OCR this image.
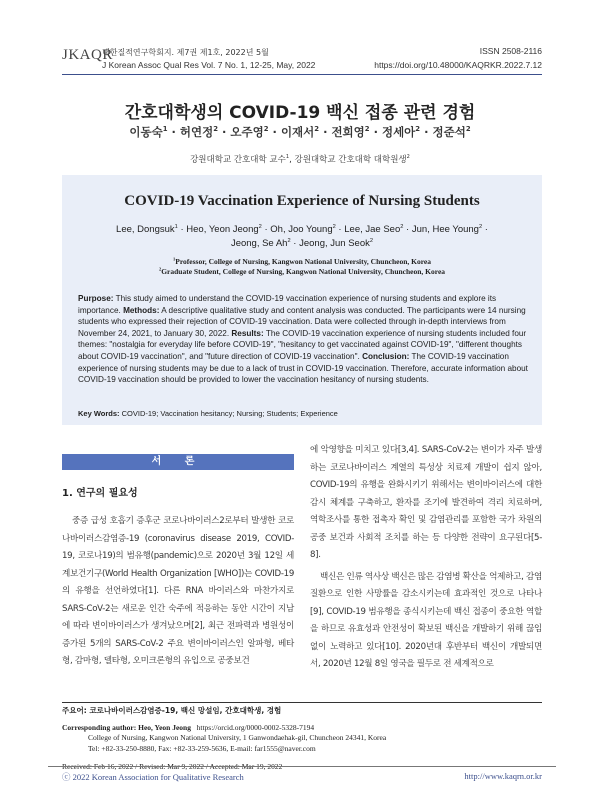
JKAQR
대한질적연구학회지. 제7권 제1호, 2022년 5월
J Korean Assoc Qual Res Vol. 7 No. 1, 12-25, May, 2022
ISSN 2508-2116
https://doi.org/10.48000/KAQRKR.2022.7.12
간호대학생의 COVID-19 백신 접종 관련 경험
이동숙$^1$ · 허연정$^2$ · 오주영$^2$ · 이재서$^2$ · 전희영$^2$ · 정세아$^2$ · 정준석$^2$
강원대학교 간호대학 교수$^1$, 강원대학교 간호대학 대학원생$^2$
COVID-19 Vaccination Experience of Nursing Students
Lee, Dongsuk$^1$ · Heo, Yeon Jeong$^2$ · Oh, Joo Young$^2$ · Lee, Jae Seo$^2$ · Jun, Hee Young$^2$ ·
Jeong, Se $Ah^2$ · Jeong, Jun Seok$^2$
$^1$Professor, College of Nursing, Kangwon National University, Chuncheon, Korea
$^2$Graduate Student, College of Nursing, Kangwon National University, Chuncheon, Korea
Purpose: This study aimed to understand the COVID-19 vaccination experience of nursing students and explore its importance. Methods: A descriptive qualitative study and content analysis was conducted. The participants were 14 nursing students who expressed their rejection of COVID-19 vaccination. Data were collected through in-depth interviews from November 24, 2021, to January 30, 2022. Results: The COVID-19 vaccination experience of nursing students included four themes: "nostalgia for everyday life before COVID-19", "hesitancy to get vaccinated against COVID-19", "different thoughts about COVID-19 vaccination", and "future direction of COVID-19 vaccination". Conclusion: The COVID-19 vaccination experience of nursing students may be due to a lack of trust in COVID-19 vaccination. Therefore, accurate information about COVID-19 vaccination should be provided to lower the vaccination hesitancy of nursing students.
Key Words: COVID-19; Vaccination hesitancy; Nursing; Students; Experience
서 론
1. 연구의 필요성
중증 급성 호흡기 증후군 코로나바이러스2로부터 발생한 코로나바이러스감염증-19 (coronavirus disease 2019, COVID-19, 코로나19)의 범유행(pandemic)으로 2020년 3월 12일 세계보건기구(World Health Organization [WHO])는 COVID-19의 유행을 선언하였다[1]. 다른 RNA 바이러스와 마찬가지로 SARS-CoV-2는 새로운 인간 숙주에 적응하는 동안 시간이 지남에 따라 변이바이러스가 생겨났으며[2], 최근 전파력과 병원성이 증가된 5개의 SARS-CoV-2 주요 변이바이러스인 알파형, 베타형, 감마형, 델타형, 오미크론형의 유입으로 공중보건
에 악영향을 미치고 있다[3,4]. SARS-CoV-2는 변이가 자주 발생하는 코로나바이러스 계열의 특성상 치료제 개발이 쉽지 않아, COVID-19의 유행을 완화시키기 위해서는 변이바이러스에 대한 감시 체계를 구축하고, 환자를 조기에 발견하여 격리 치료하며, 역학조사를 통한 접촉자 확인 및 감염관리를 포함한 국가 차원의 공중 보건과 사회적 조치를 하는 등 다양한 전략이 요구된다[5-8].
백신은 인류 역사상 백신은 많은 감염병 확산을 억제하고, 감염질환으로 인한 사망률을 감소시키는데 효과적인 것으로 나타나[9], COVID-19 범유행을 종식시키는데 백신 접종이 중요한 역할을 하므로 유효성과 안전성이 확보된 백신을 개발하기 위해 끊임없이 노력하고 있다[10]. 2020년대 후반부터 백신이 개발되면서, 2020년 12월 8일 영국을 필두로 전 세계적으로
주요어: 코로나바이러스감염증-19, 백신 망설임, 간호대학생, 경험
Corresponding author: Heo, Yeon Jeong https://orcid.org/0000-0002-5328-7194
College of Nursing, Kangwon National University, 1 Ganwondaehak-gil, Chuncheon 24341, Korea
Tel: +82-33-250-8880, Fax: +82-33-259-5636, E-mail: far1555@naver.com
Received: Feb 16, 2022 / Revised: Mar 9, 2022 / Accepted: Mar 19, 2022
ⓒ 2022 Korean Association for Qualitative Research	http://www.kaqrn.or.kr
